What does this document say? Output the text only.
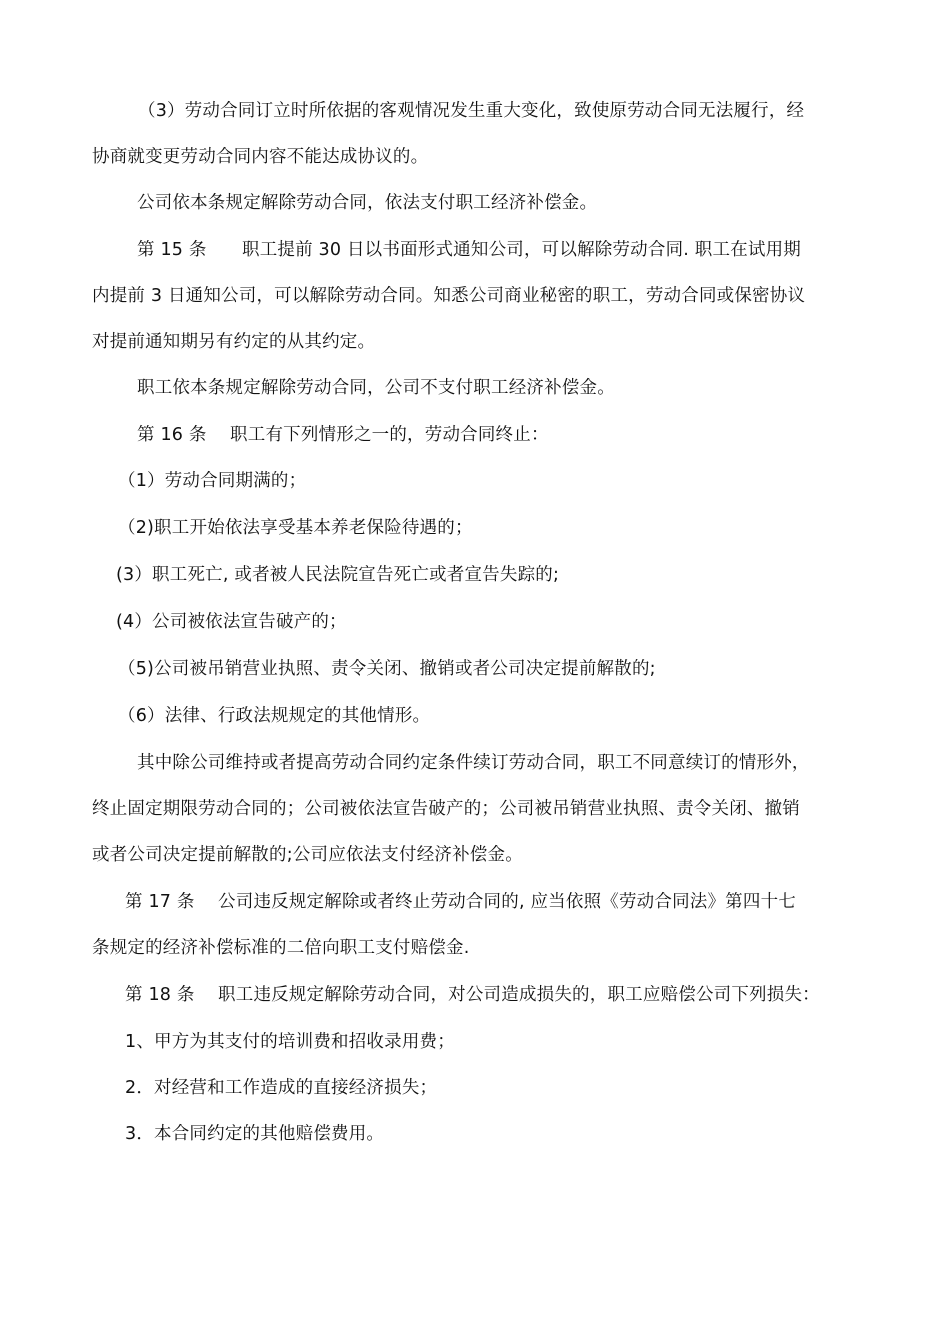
（3）劳动合同订立时所依据的客观情况发生重大变化，致使原劳动合同无法履行，经
协商就变更劳动合同内容不能达成协议的。
公司依本条规定解除劳动合同，依法支付职工经济补偿金。
第 15 条　　职工提前 30 日以书面形式通知公司，可以解除劳动合同. 职工在试用期
内提前 3 日通知公司，可以解除劳动合同。知悉公司商业秘密的职工，劳动合同或保密协议
对提前通知期另有约定的从其约定。
职工依本条规定解除劳动合同，公司不支付职工经济补偿金。
第 16 条　 职工有下列情形之一的，劳动合同终止：
（1）劳动合同期满的；
（2)职工开始依法享受基本养老保险待遇的；
(3）职工死亡, 或者被人民法院宣告死亡或者宣告失踪的;
(4）公司被依法宣告破产的；
（5)公司被吊销营业执照、责令关闭、撤销或者公司决定提前解散的;
（6）法律、行政法规规定的其他情形。
其中除公司维持或者提高劳动合同约定条件续订劳动合同，职工不同意续订的情形外，
终止固定期限劳动合同的；公司被依法宣告破产的；公司被吊销营业执照、责令关闭、撤销
或者公司决定提前解散的;公司应依法支付经济补偿金。
第 17 条　 公司违反规定解除或者终止劳动合同的, 应当依照《劳动合同法》第四十七
条规定的经济补偿标准的二倍向职工支付赔偿金.
第 18 条　 职工违反规定解除劳动合同，对公司造成损失的，职工应赔偿公司下列损失：
1、甲方为其支付的培训费和招收录用费；
2．对经营和工作造成的直接经济损失；
3．本合同约定的其他赔偿费用。
